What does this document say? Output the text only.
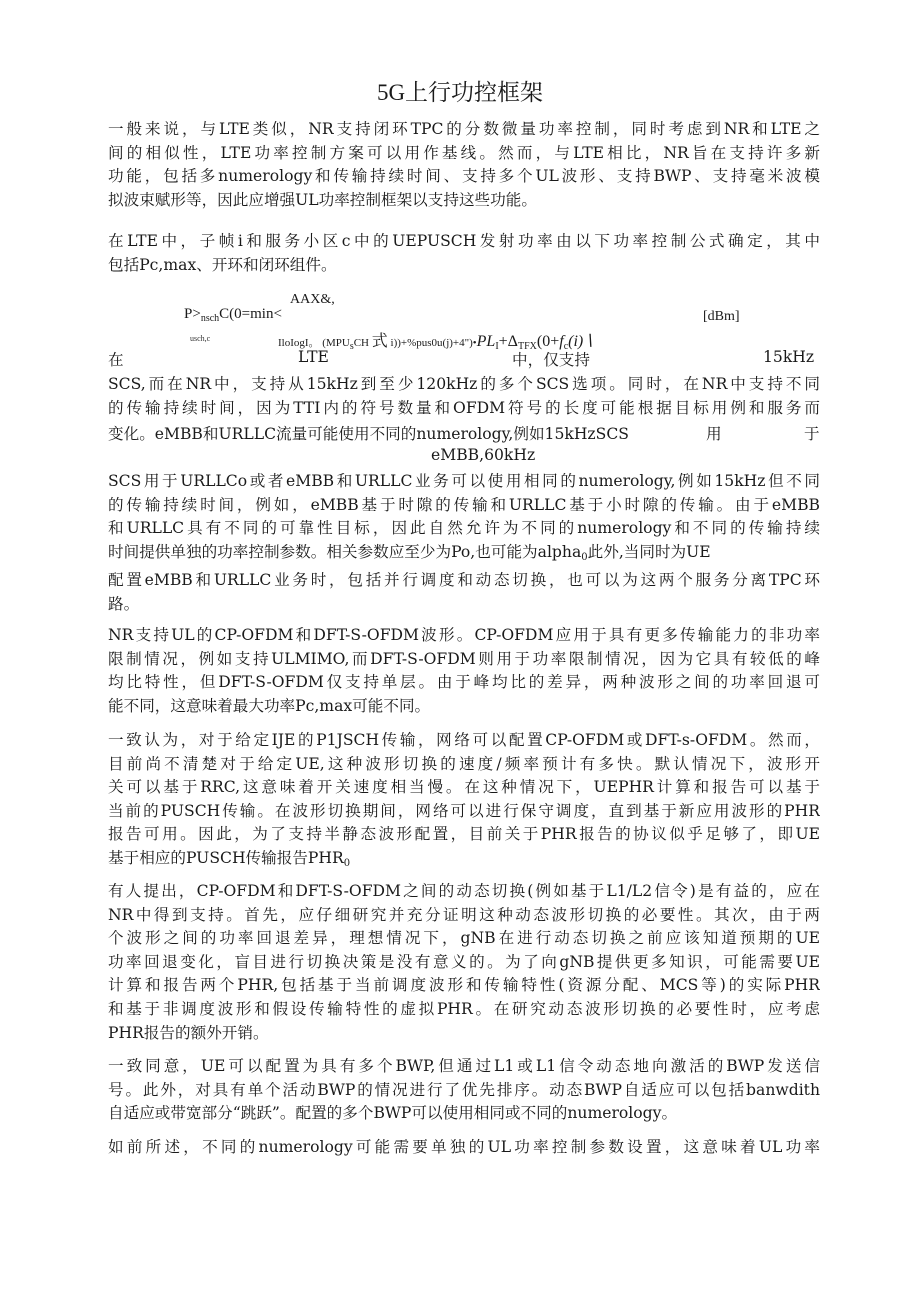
5G上行功控框架
一般来说，与LTE类似，NR支持闭环TPC的分数微量功率控制，同时考虑到NR和LTE之
间的相似性，LTE功率控制方案可以用作基线。然而，与LTE相比，NR旨在支持许多新
功能，包括多numerology和传输持续时间、支持多个UL波形、支持BWP、支持毫米波模
拟波束赋形等，因此应增强UL功率控制框架以支持这些功能。
在LTE中，子帧i和服务小区c中的UEPUSCH发射功率由以下功率控制公式确定，其中
包括Pc,max、开环和闭环组件。
AAX&,
$P>_{nsch}C(0=\min<$	[dBm]
usch,c	IloIogI。 (MPUsCH 式 i))+%pus0u(j)+4")•PLI+ΔTFX(0+fc(i)∖
在	LTE	中，仅支持	15kHz
SCS,而在NR中，支持从15kHz到至少120kHz的多个SCS选项。同时，在NR中支持不同
的传输持续时间，因为TTI内的符号数量和OFDM符号的长度可能根据目标用例和服务而
变化。eMBB和URLLC流量可能使用不同的numerology,例如15kHzSCS	用	于
eMBB,60kHz
SCS用于URLLCo或者eMBB和URLLC业务可以使用相同的numerology,例如15kHz但不同
的传输持续时间，例如，eMBB基于时隙的传输和URLLC基于小时隙的传输。由于eMBB
和URLLC具有不同的可靠性目标，因此自然允许为不同的numerology和不同的传输持续
时间提供单独的功率控制参数。相关参数应至少为Po,也可能为alpha$_0$此外,当同时为UE
配置eMBB和URLLC业务时，包括并行调度和动态切换，也可以为这两个服务分离TPC环
路。
NR支持UL的CP-OFDM和DFT-S-OFDM波形。CP-OFDM应用于具有更多传输能力的非功率
限制情况，例如支持ULMIMO,而DFT-S-OFDM则用于功率限制情况，因为它具有较低的峰
均比特性，但DFT-S-OFDM仅支持单层。由于峰均比的差异，两种波形之间的功率回退可
能不同，这意味着最大功率Pc,max可能不同。
一致认为，对于给定IJE的P1JSCH传输，网络可以配置CP-OFDM或DFT-s-OFDM。然而，
目前尚不清楚对于给定UE,这种波形切换的速度/频率预计有多快。默认情况下，波形开
关可以基于RRC,这意味着开关速度相当慢。在这种情况下，UEPHR计算和报告可以基于
当前的PUSCH传输。在波形切换期间，网络可以进行保守调度，直到基于新应用波形的PHR
报告可用。因此，为了支持半静态波形配置，目前关于PHR报告的协议似乎足够了，即UE
基于相应的PUSCH传输报告$PHR_0$
有人提出，CP-OFDM和DFT-S-OFDM之间的动态切换(例如基于L1/L2信令)是有益的，应在
NR中得到支持。首先，应仔细研究并充分证明这种动态波形切换的必要性。其次，由于两
个波形之间的功率回退差异，理想情况下，gNB在进行动态切换之前应该知道预期的UE
功率回退变化，盲目进行切换决策是没有意义的。为了向gNB提供更多知识，可能需要UE
计算和报告两个PHR,包括基于当前调度波形和传输特性(资源分配、MCS等)的实际PHR
和基于非调度波形和假设传输特性的虚拟PHR。在研究动态波形切换的必要性时，应考虑
PHR报告的额外开销。
一致同意，UE可以配置为具有多个BWP,但通过L1或L1信令动态地向激活的BWP发送信
号。此外，对具有单个活动BWP的情况进行了优先排序。动态BWP自适应可以包括banwdith
自适应或带宽部分“跳跃”。配置的多个BWP可以使用相同或不同的numerology。
如前所述，不同的numerology可能需要单独的UL功率控制参数设置，这意味着UL功率
